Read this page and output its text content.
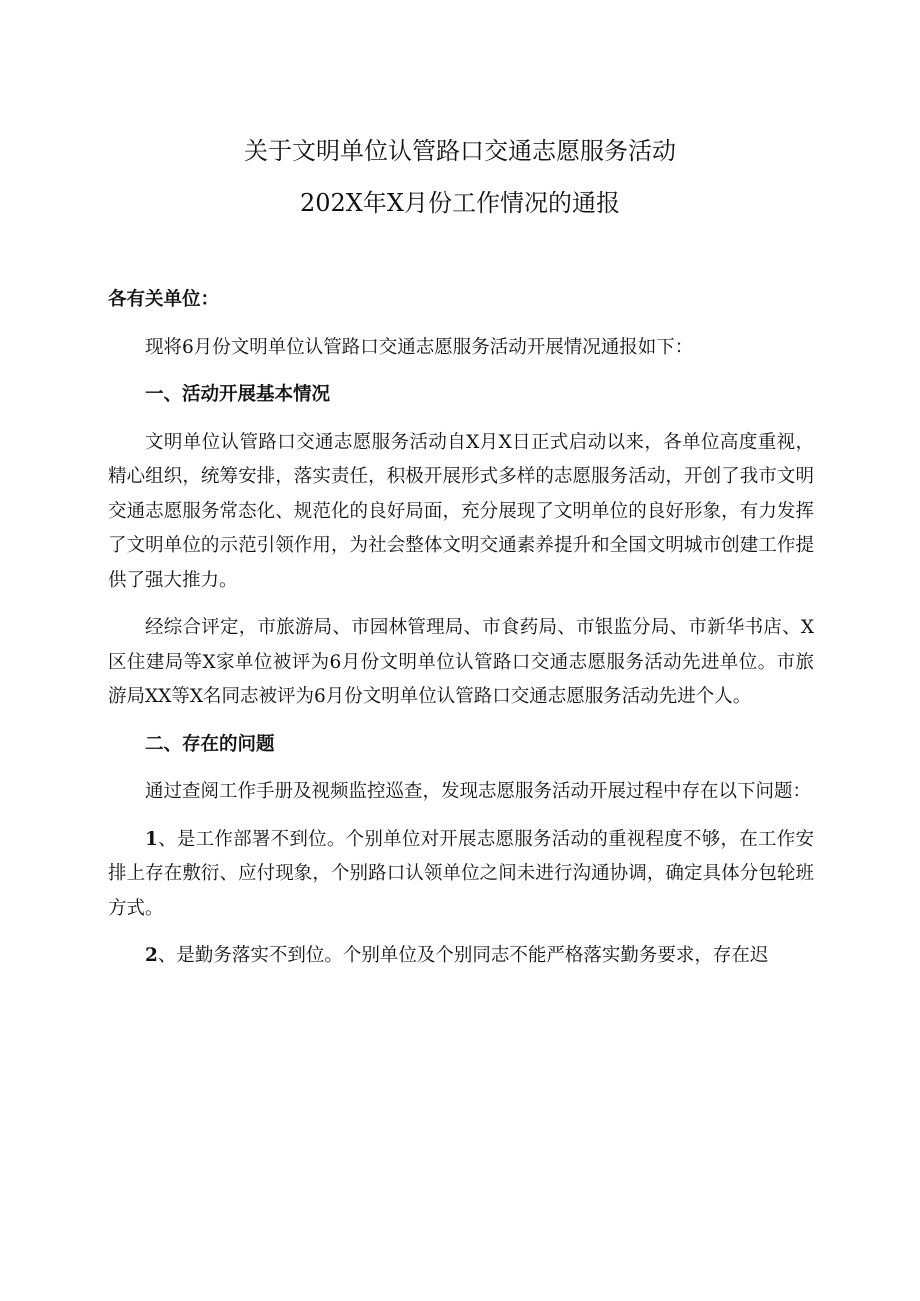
关于文明单位认管路口交通志愿服务活动
202X年X月份工作情况的通报

各有关单位：

现将6月份文明单位认管路口交通志愿服务活动开展情况通报如下：

一、活动开展基本情况

文明单位认管路口交通志愿服务活动自X月X日正式启动以来，各单位高度重视，精心组织，统筹安排，落实责任，积极开展形式多样的志愿服务活动，开创了我市文明交通志愿服务常态化、规范化的良好局面，充分展现了文明单位的良好形象，有力发挥了文明单位的示范引领作用，为社会整体文明交通素养提升和全国文明城市创建工作提供了强大推力。

经综合评定，市旅游局、市园林管理局、市食药局、市银监分局、市新华书店、X区住建局等X家单位被评为6月份文明单位认管路口交通志愿服务活动先进单位。市旅游局XX等X名同志被评为6月份文明单位认管路口交通志愿服务活动先进个人。

二、存在的问题

通过查阅工作手册及视频监控巡查，发现志愿服务活动开展过程中存在以下问题：

1、是工作部署不到位。个别单位对开展志愿服务活动的重视程度不够，在工作安排上存在敷衍、应付现象，个别路口认领单位之间未进行沟通协调，确定具体分包轮班方式。

2、是勤务落实不到位。个别单位及个别同志不能严格落实勤务要求，存在迟
